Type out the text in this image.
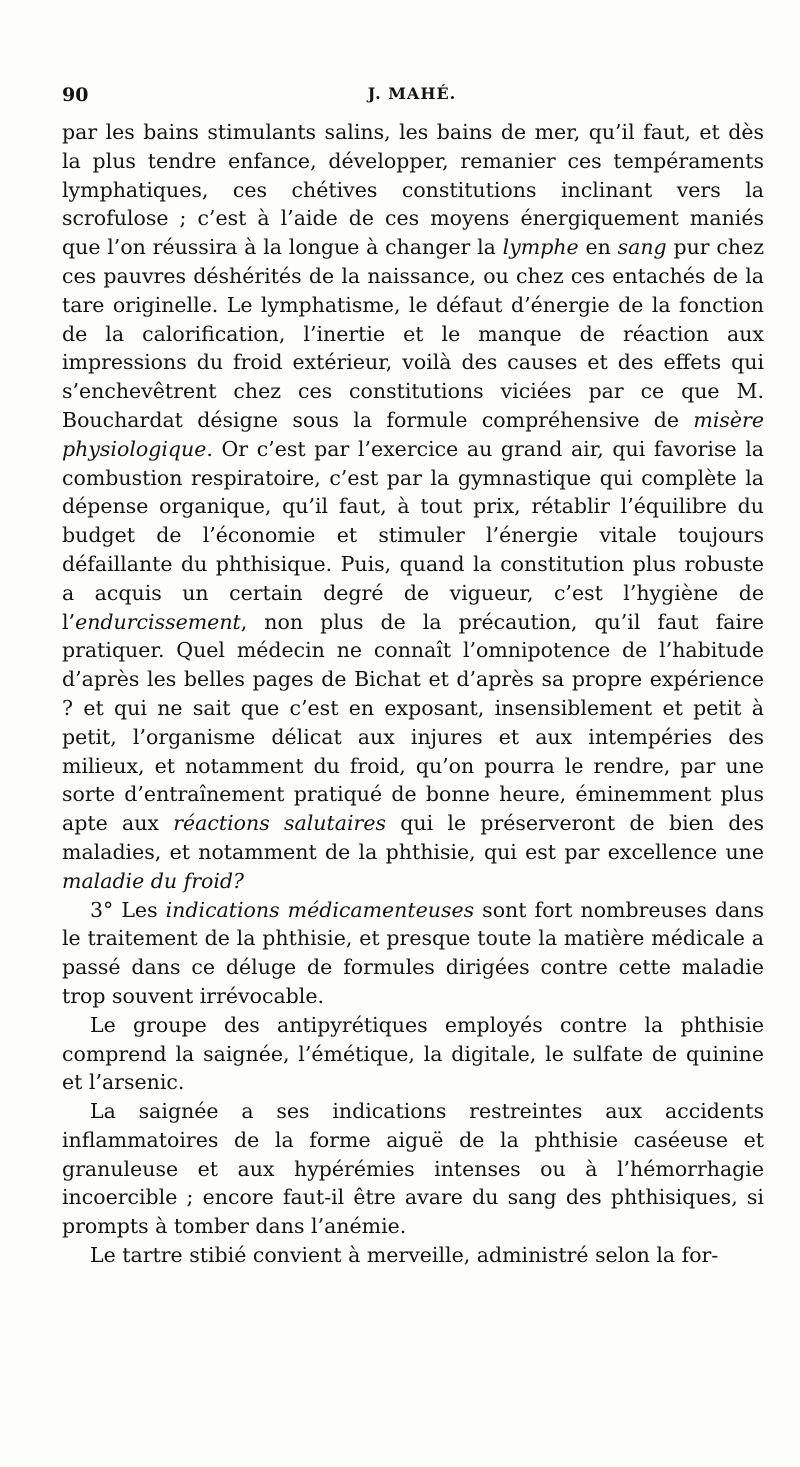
90	J. MAHÉ.

par les bains stimulants salins, les bains de mer, qu’il faut, et dès la plus tendre enfance, développer, remanier ces tempéraments lymphatiques, ces chétives constitutions inclinant vers la scrofulose ; c’est à l’aide de ces moyens énergiquement maniés que l’on réussira à la longue à changer la lymphe en sang pur chez ces pauvres déshérités de la naissance, ou chez ces entachés de la tare originelle. Le lymphatisme, le défaut d’énergie de la fonction de la calorification, l’inertie et le manque de réaction aux impressions du froid extérieur, voilà des causes et des effets qui s’enchevêtrent chez ces constitutions viciées par ce que M. Bouchardat désigne sous la formule compréhensive de misère physiologique. Or c’est par l’exercice au grand air, qui favorise la combustion respiratoire, c’est par la gymnastique qui complète la dépense organique, qu’il faut, à tout prix, rétablir l’équilibre du budget de l’économie et stimuler l’énergie vitale toujours défaillante du phthisique. Puis, quand la constitution plus robuste a acquis un certain degré de vigueur, c’est l’hygiène de l’endurcissement, non plus de la précaution, qu’il faut faire pratiquer. Quel médecin ne connaît l’omnipotence de l’habitude d’après les belles pages de Bichat et d’après sa propre expérience ? et qui ne sait que c’est en exposant, insensiblement et petit à petit, l’organisme délicat aux injures et aux intempéries des milieux, et notamment du froid, qu’on pourra le rendre, par une sorte d’entraînement pratiqué de bonne heure, éminemment plus apte aux réactions salutaires qui le préserveront de bien des maladies, et notamment de la phthisie, qui est par excellence une maladie du froid?

3° Les indications médicamenteuses sont fort nombreuses dans le traitement de la phthisie, et presque toute la matière médicale a passé dans ce déluge de formules dirigées contre cette maladie trop souvent irrévocable.

Le groupe des antipyrétiques employés contre la phthisie comprend la saignée, l’émétique, la digitale, le sulfate de quinine et l’arsenic.

La saignée a ses indications restreintes aux accidents inflammatoires de la forme aiguë de la phthisie caséeuse et granuleuse et aux hypérémies intenses ou à l’hémorrhagie incoercible ; encore faut-il être avare du sang des phthisiques, si prompts à tomber dans l’anémie.

Le tartre stibié convient à merveille, administré selon la for-
